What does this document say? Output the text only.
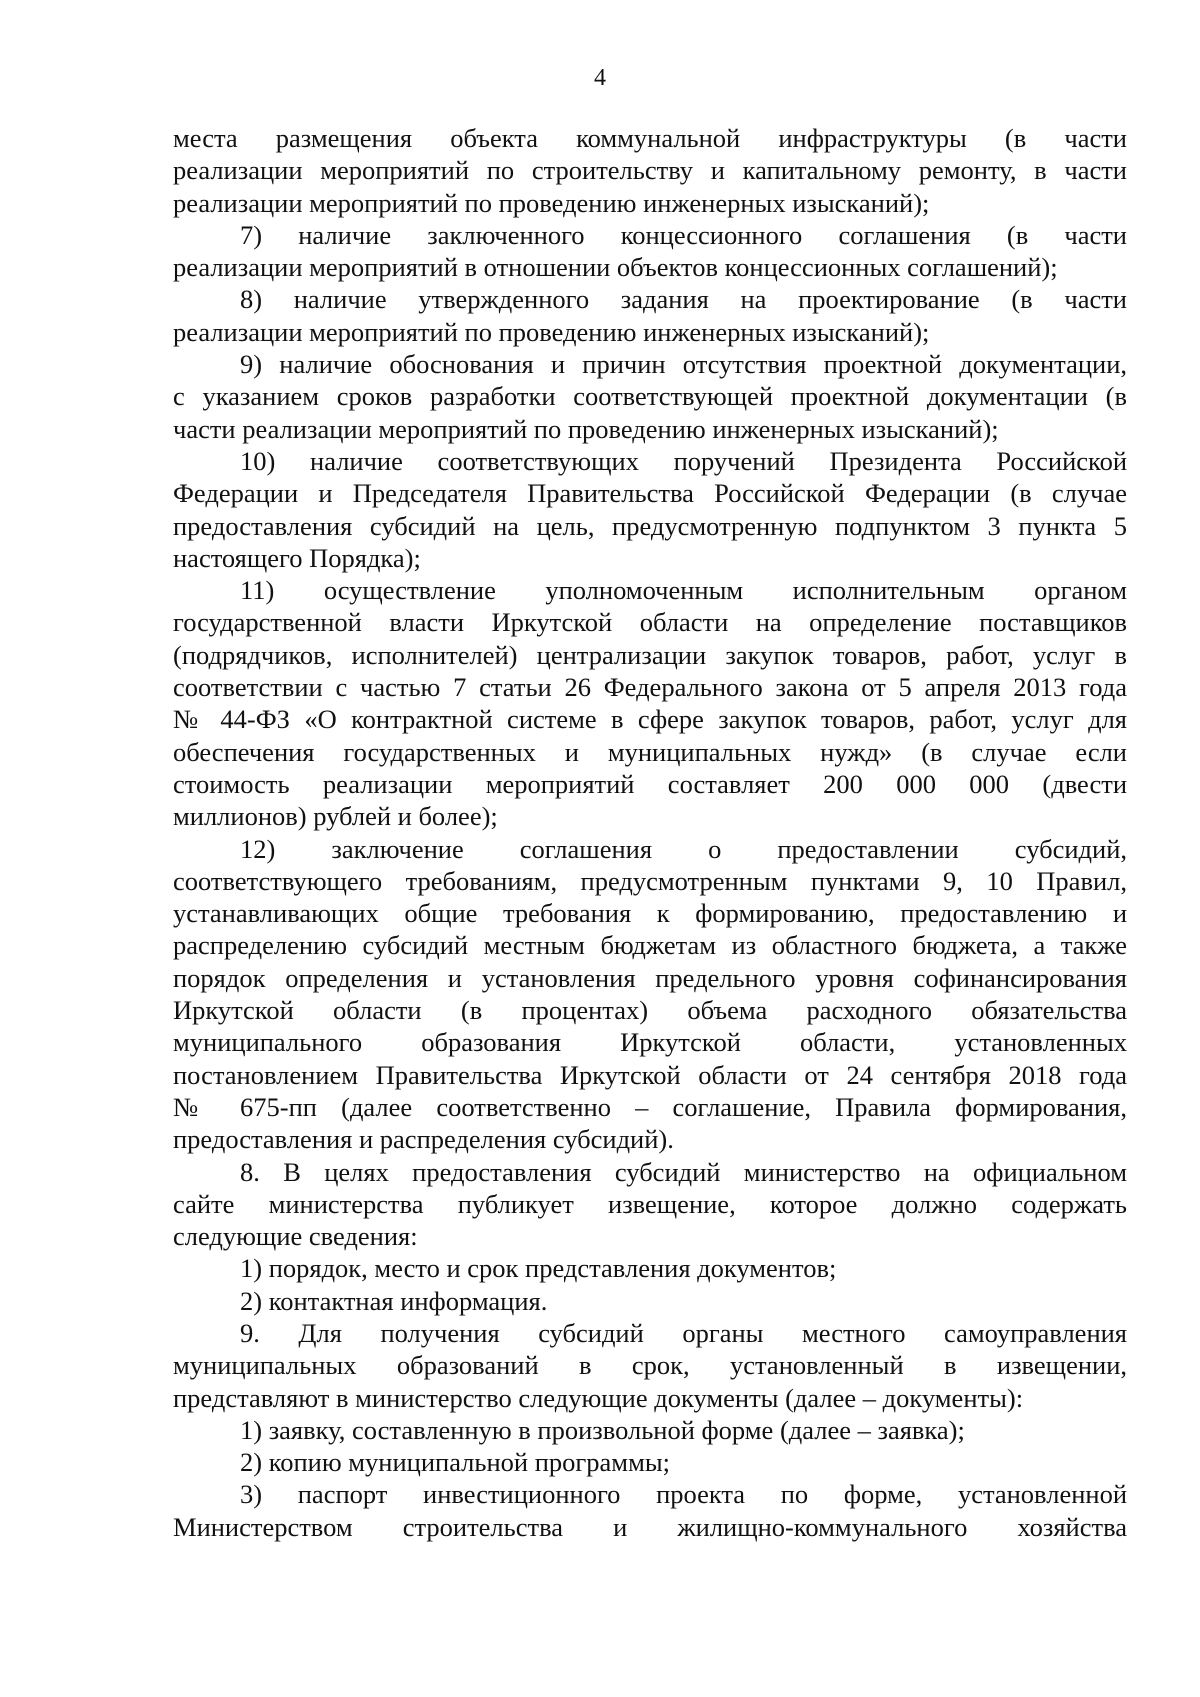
4
места размещения объекта коммунальной инфраструктуры (в части
реализации мероприятий по строительству и капитальному ремонту, в части
реализации мероприятий по проведению инженерных изысканий);
7) наличие заключенного концессионного соглашения (в части
реализации мероприятий в отношении объектов концессионных соглашений);
8) наличие утвержденного задания на проектирование (в части
реализации мероприятий по проведению инженерных изысканий);
9) наличие обоснования и причин отсутствия проектной документации,
с указанием сроков разработки соответствующей проектной документации (в
части реализации мероприятий по проведению инженерных изысканий);
10) наличие соответствующих поручений Президента Российской
Федерации и Председателя Правительства Российской Федерации (в случае
предоставления субсидий на цель, предусмотренную подпунктом 3 пункта 5
настоящего Порядка);
11) осуществление уполномоченным исполнительным органом
государственной власти Иркутской области на определение поставщиков
(подрядчиков, исполнителей) централизации закупок товаров, работ, услуг в
соответствии с частью 7 статьи 26 Федерального закона от 5 апреля 2013 года
№ 44-ФЗ «О контрактной системе в сфере закупок товаров, работ, услуг для
обеспечения государственных и муниципальных нужд» (в случае если
стоимость реализации мероприятий составляет 200 000 000 (двести
миллионов) рублей и более);
12) заключение соглашения о предоставлении субсидий,
соответствующего требованиям, предусмотренным пунктами 9, 10 Правил,
устанавливающих общие требования к формированию, предоставлению и
распределению субсидий местным бюджетам из областного бюджета, а также
порядок определения и установления предельного уровня софинансирования
Иркутской области (в процентах) объема расходного обязательства
муниципального образования Иркутской области, установленных
постановлением Правительства Иркутской области от 24 сентября 2018 года
№ 675-пп (далее соответственно – соглашение, Правила формирования,
предоставления и распределения субсидий).
8. В целях предоставления субсидий министерство на официальном
сайте министерства публикует извещение, которое должно содержать
следующие сведения:
1) порядок, место и срок представления документов;
2) контактная информация.
9. Для получения субсидий органы местного самоуправления
муниципальных образований в срок, установленный в извещении,
представляют в министерство следующие документы (далее – документы):
1) заявку, составленную в произвольной форме (далее – заявка);
2) копию муниципальной программы;
3) паспорт инвестиционного проекта по форме, установленной
Министерством строительства и жилищно-коммунального хозяйства
